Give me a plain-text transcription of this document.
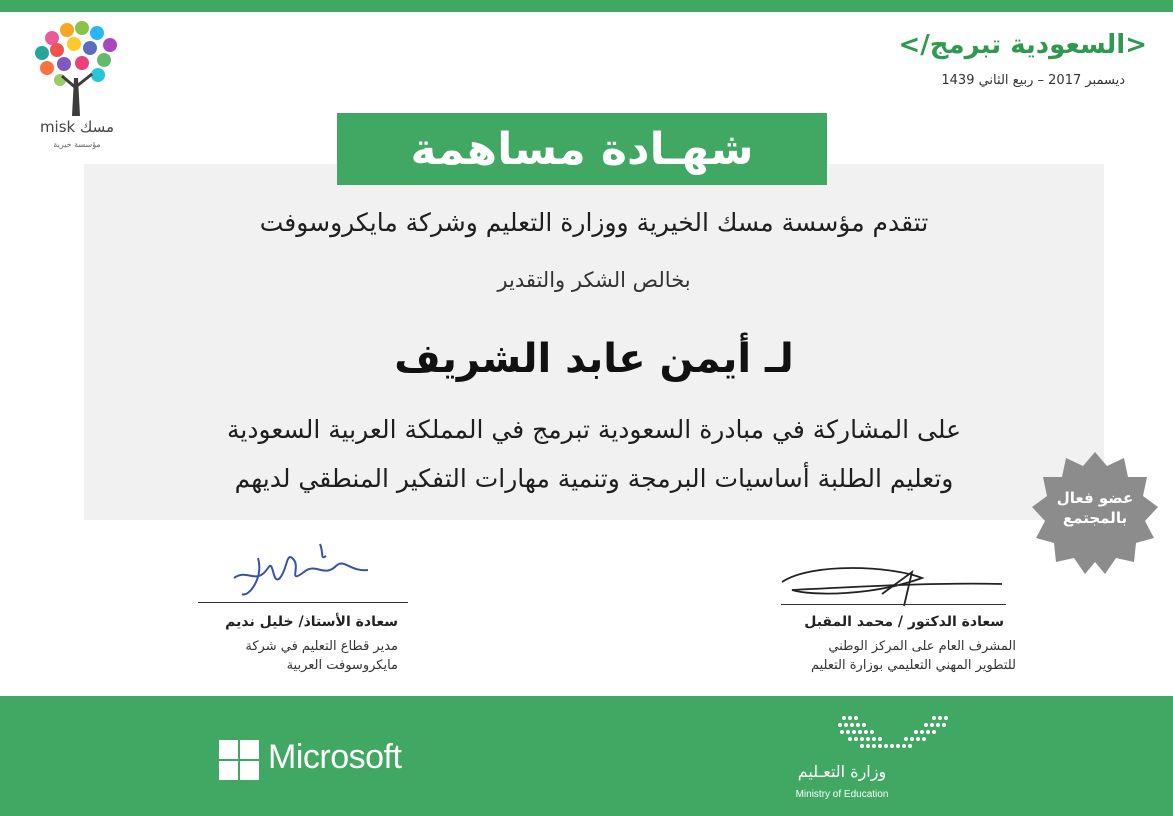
misk مسك
مؤسسة خيرية
</السعودية تبرمج>
ديسمبر 2017 – ربيع الثاني 1439
شهـادة مساهمة
تتقدم مؤسسة مسك الخيرية ووزارة التعليم وشركة مايكروسوفت
بخالص الشكر والتقدير
لـ أيمن عابد الشريف
على المشاركة في مبادرة السعودية تبرمج في المملكة العربية السعودية
وتعليم الطلبة أساسيات البرمجة وتنمية مهارات التفكير المنطقي لديهم
عضو فعال
بالمجتمع
سعادة الأستاذ/ خليل نديم
مدير قطاع التعليم في شركة
مايكروسوفت العربية
سعادة الدكتور / محمد المقبل
المشرف العام على المركز الوطني
للتطوير المهني التعليمي بوزارة التعليم
Microsoft	وزارة التعـليم
Ministry of Education
